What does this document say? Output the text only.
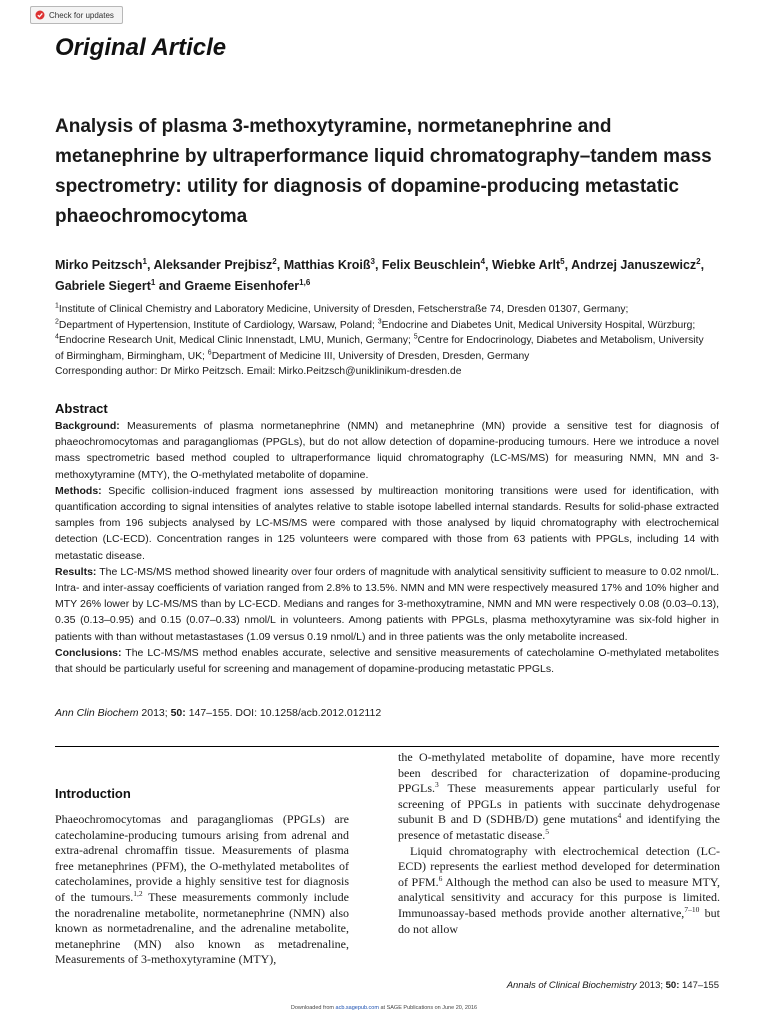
Check for updates
Original Article
Analysis of plasma 3-methoxytyramine, normetanephrine and metanephrine by ultraperformance liquid chromatography–tandem mass spectrometry: utility for diagnosis of dopamine-producing metastatic phaeochromocytoma

Mirko Peitzsch$^1$, Aleksander Prejbisz$^2$, Matthias Kroiß$^3$, Felix Beuschlein$^4$, Wiebke Arlt$^5$, Andrzej Januszewicz$^2$, Gabriele Siegert$^1$ and Graeme Eisenhofer$^{1,6}$

$^1$Institute of Clinical Chemistry and Laboratory Medicine, University of Dresden, Fetscherstraße 74, Dresden 01307, Germany;
$^2$Department of Hypertension, Institute of Cardiology, Warsaw, Poland; $^3$Endocrine and Diabetes Unit, Medical University Hospital, Würzburg; $^4$Endocrine Research Unit, Medical Clinic Innenstadt, LMU, Munich, Germany; $^5$Centre for Endocrinology, Diabetes and Metabolism, University of Birmingham, Birmingham, UK; $^6$Department of Medicine III, University of Dresden, Dresden, Germany
Corresponding author: Dr Mirko Peitzsch. Email: Mirko.Peitzsch@uniklinikum-dresden.de
Abstract

Background: Measurements of plasma normetanephrine (NMN) and metanephrine (MN) provide a sensitive test for diagnosis of phaeochromocytomas and paragangliomas (PPGLs), but do not allow detection of dopamine-producing tumours. Here we introduce a novel mass spectrometric based method coupled to ultraperformance liquid chromatography (LC-MS/MS) for measuring NMN, MN and 3-methoxytyramine (MTY), the O-methylated metabolite of dopamine.

Methods: Specific collision-induced fragment ions assessed by multireaction monitoring transitions were used for identification, with quantification according to signal intensities of analytes relative to stable isotope labelled internal standards. Results for solid-phase extracted samples from 196 subjects analysed by LC-MS/MS were compared with those analysed by liquid chromatography with electrochemical detection (LC-ECD). Concentration ranges in 125 volunteers were compared with those from 63 patients with PPGLs, including 14 with metastatic disease.

Results: The LC-MS/MS method showed linearity over four orders of magnitude with analytical sensitivity sufficient to measure to 0.02 nmol/L. Intra- and inter-assay coefficients of variation ranged from 2.8% to 13.5%. NMN and MN were respectively measured 17% and 10% higher and MTY 26% lower by LC-MS/MS than by LC-ECD. Medians and ranges for 3-methoxytramine, NMN and MN were respectively 0.08 (0.03–0.13), 0.35 (0.13–0.95) and 0.15 (0.07–0.33) nmol/L in volunteers. Among patients with PPGLs, plasma methoxytyramine was six-fold higher in patients with than without metastastases (1.09 versus 0.19 nmol/L) and in three patients was the only metabolite increased.

Conclusions: The LC-MS/MS method enables accurate, selective and sensitive measurements of catecholamine O-methylated metabolites that should be particularly useful for screening and management of dopamine-producing metastatic PPGLs.

Ann Clin Biochem 2013; 50: 147–155. DOI: 10.1258/acb.2012.012112
Introduction

Phaeochromocytomas and paragangliomas (PPGLs) are catecholamine-producing tumours arising from adrenal and extra-adrenal chromaffin tissue. Measurements of plasma free metanephrines (PFM), the O-methylated metabolites of catecholamines, provide a highly sensitive test for diagnosis of the tumours.$^{1,2}$ These measurements commonly include the noradrenaline metabolite, normetanephrine (NMN) also known as normetadrenaline, and the adrenaline metabolite, metanephrine (MN) also known as metadrenaline, Measurements of 3-methoxytyramine (MTY),

the O-methylated metabolite of dopamine, have more recently been described for characterization of dopamine-producing PPGLs.$^3$ These measurements appear particularly useful for screening of PPGLs in patients with succinate dehydrogenase subunit B and D (SDHB/D) gene mutations$^4$ and identifying the presence of metastatic disease.$^5$

Liquid chromatography with electrochemical detection (LC-ECD) represents the earliest method developed for determination of PFM.$^6$ Although the method can also be used to measure MTY, analytical sensitivity and accuracy for this purpose is limited. Immunoassay-based methods provide another alternative,$^{7-10}$ but do not allow

Annals of Clinical Biochemistry 2013; 50: 147–155
Downloaded from acb.sagepub.com at SAGE Publications on June 20, 2016
